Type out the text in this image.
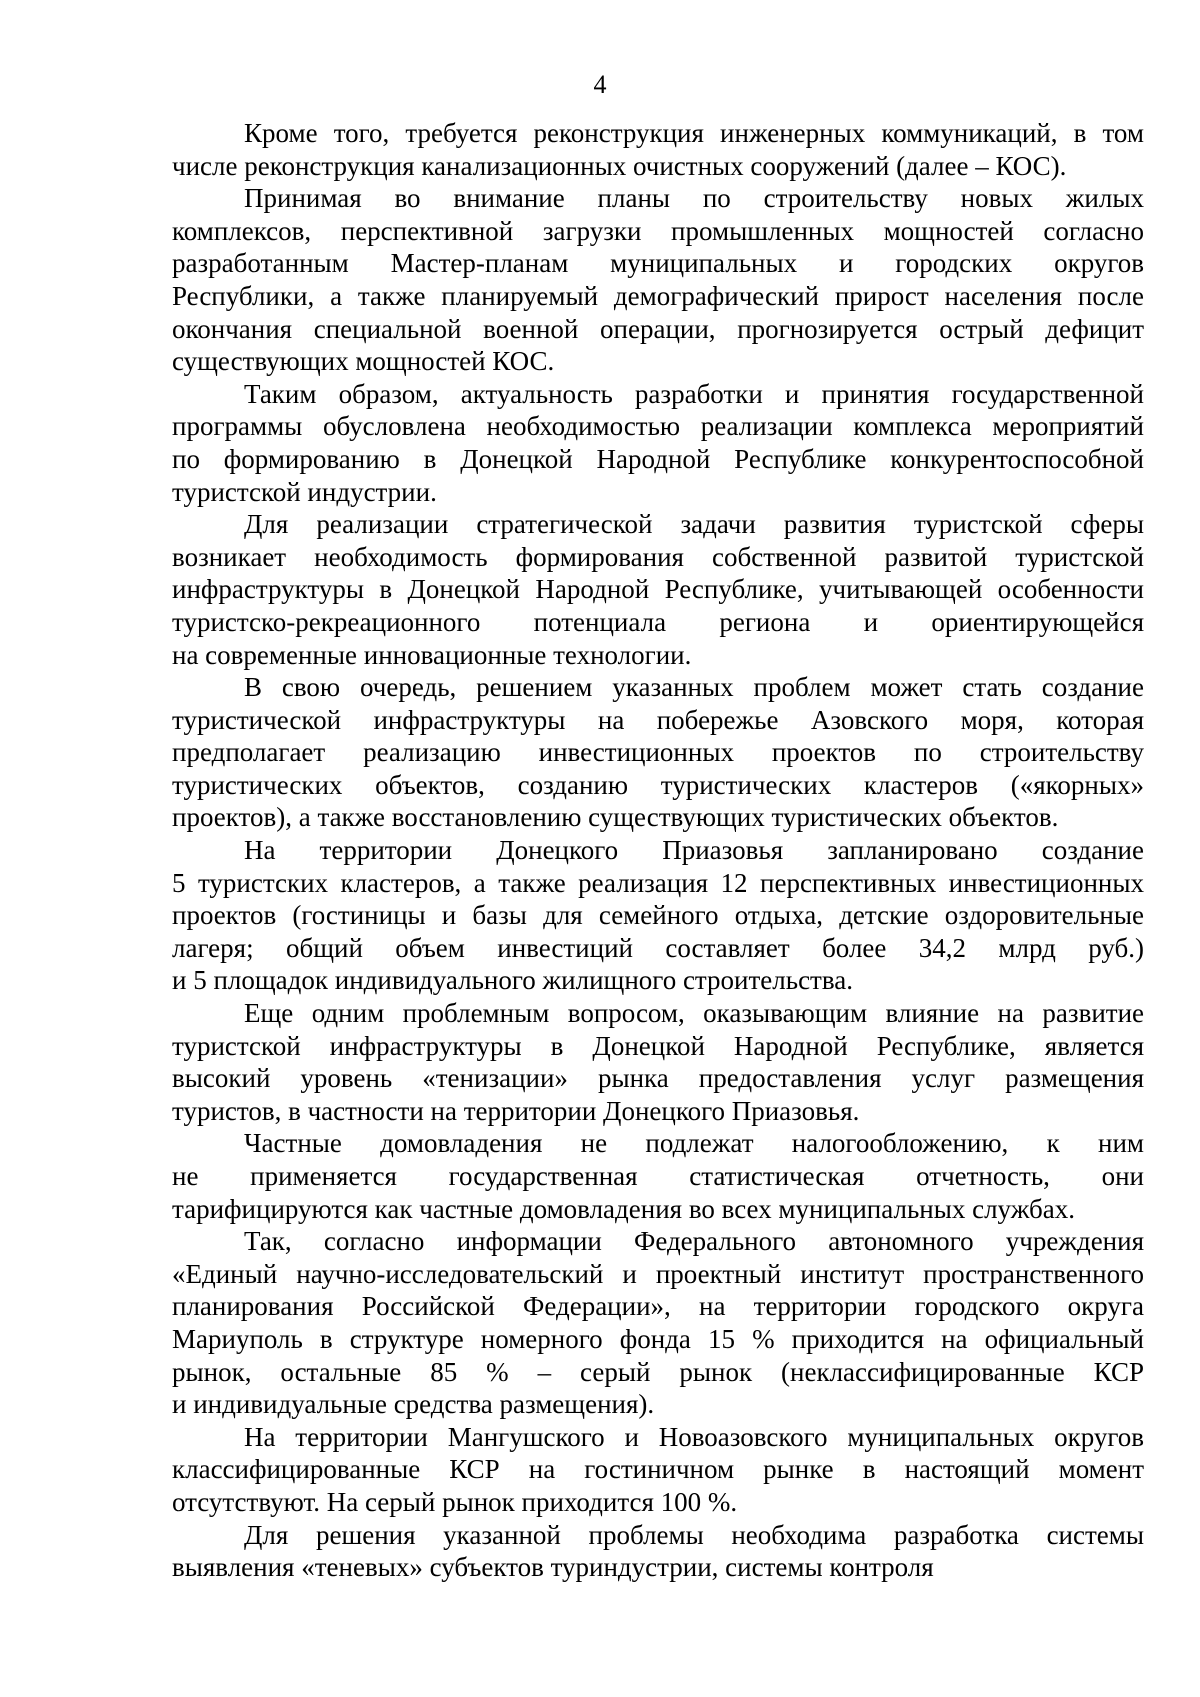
4
Кроме того, требуется реконструкция инженерных коммуникаций, в том
числе реконструкция канализационных очистных сооружений (далее – КОС).
Принимая во внимание планы по строительству новых жилых
комплексов, перспективной загрузки промышленных мощностей согласно
разработанным Мастер-планам муниципальных и городских округов
Республики, а также планируемый демографический прирост населения после
окончания специальной военной операции, прогнозируется острый дефицит
существующих мощностей КОС.
Таким образом, актуальность разработки и принятия государственной
программы обусловлена необходимостью реализации комплекса мероприятий
по формированию в Донецкой Народной Республике конкурентоспособной
туристской индустрии.
Для реализации стратегической задачи развития туристской сферы
возникает необходимость формирования собственной развитой туристской
инфраструктуры в Донецкой Народной Республике, учитывающей особенности
туристско-рекреационного потенциала региона и ориентирующейся
на современные инновационные технологии.
В свою очередь, решением указанных проблем может стать создание
туристической инфраструктуры на побережье Азовского моря, которая
предполагает реализацию инвестиционных проектов по строительству
туристических объектов, созданию туристических кластеров («якорных»
проектов), а также восстановлению существующих туристических объектов.
На территории Донецкого Приазовья запланировано создание
5 туристских кластеров, а также реализация 12 перспективных инвестиционных
проектов (гостиницы и базы для семейного отдыха, детские оздоровительные
лагеря; общий объем инвестиций составляет более 34,2 млрд руб.)
и 5 площадок индивидуального жилищного строительства.
Еще одним проблемным вопросом, оказывающим влияние на развитие
туристской инфраструктуры в Донецкой Народной Республике, является
высокий уровень «тенизации» рынка предоставления услуг размещения
туристов, в частности на территории Донецкого Приазовья.
Частные домовладения не подлежат налогообложению, к ним
не применяется государственная статистическая отчетность, они
тарифицируются как частные домовладения во всех муниципальных службах.
Так, согласно информации Федерального автономного учреждения
«Единый научно-исследовательский и проектный институт пространственного
планирования Российской Федерации», на территории городского округа
Мариуполь в структуре номерного фонда 15 % приходится на официальный
рынок, остальные 85 % – серый рынок (неклассифицированные КСР
и индивидуальные средства размещения).
На территории Мангушского и Новоазовского муниципальных округов
классифицированные КСР на гостиничном рынке в настоящий момент
отсутствуют. На серый рынок приходится 100 %.
Для решения указанной проблемы необходима разработка системы
выявления «теневых» субъектов туриндустрии, системы контроля
